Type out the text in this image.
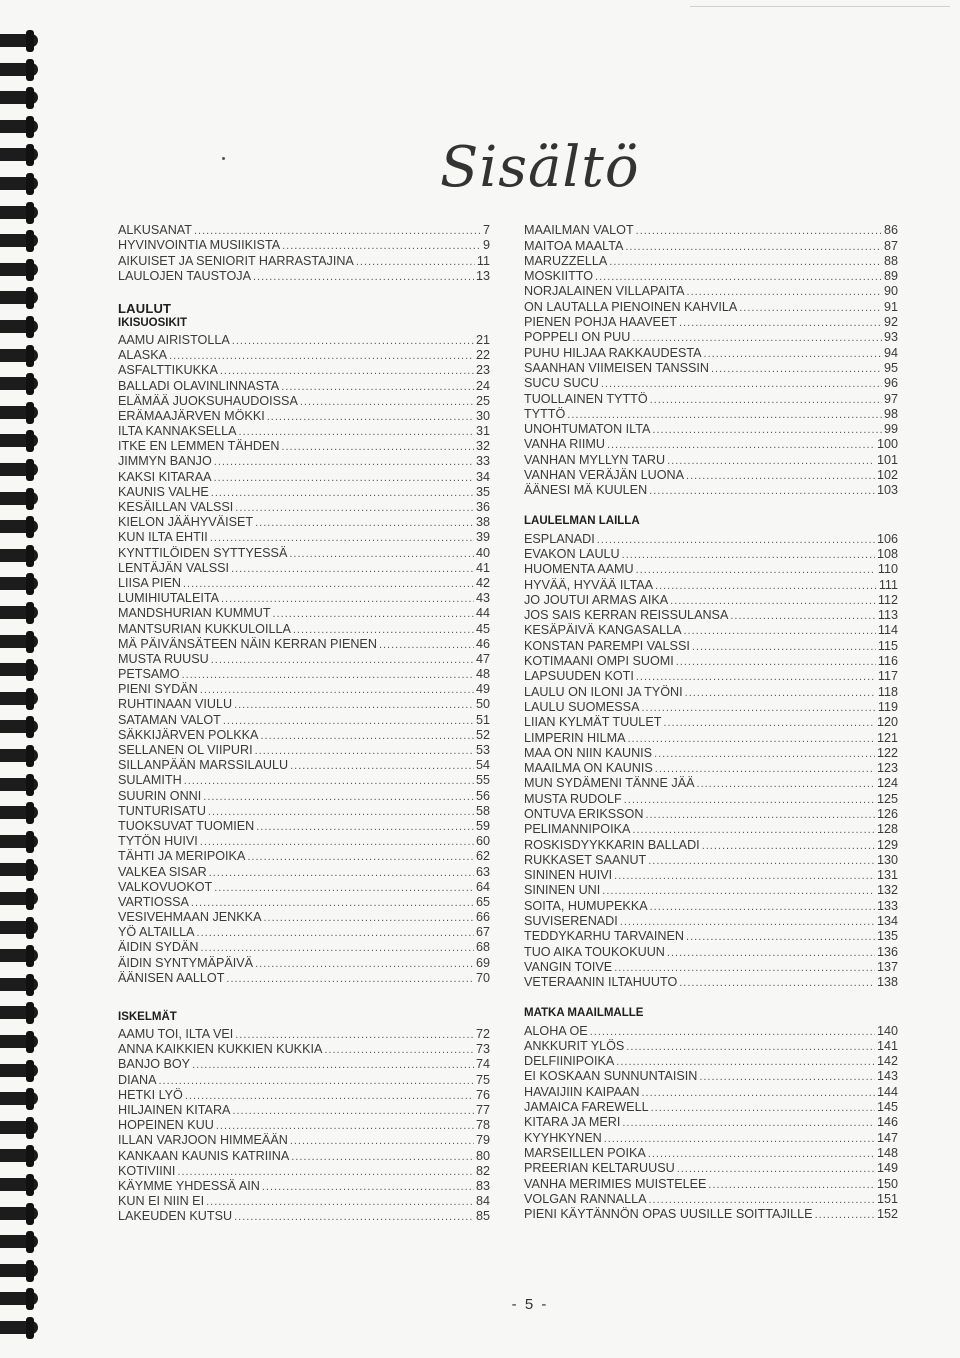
Sisältö
ALKUSANAT .....	7
HYVINVOINTIA MUSIIKISTA .....	9
AIKUISET JA SENIORIT HARRASTAJINA .....	11
LAULOJEN TAUSTOJA .....	13
LAULUT
IKISUOSIKIT
AAMU AIRISTOLLA .....	21
ALASKA .....	22
ASFALTTIKUKKA .....	23
BALLADI OLAVINLINNASTA .....	24
ELÄMÄÄ JUOKSUHAUDOISSA .....	25
ERÄMAAJÄRVEN MÖKKI .....	30
ILTA KANNAKSELLA .....	31
ITKE EN LEMMEN TÄHDEN .....	32
JIMMYN BANJO .....	33
KAKSI KITARAA .....	34
KAUNIS VALHE .....	35
KESÄILLAN VALSSI .....	36
KIELON JÄÄHYVÄISET .....	38
KUN ILTA EHTII .....	39
KYNTTILÖIDEN SYTTYESSÄ .....	40
LENTÄJÄN VALSSI .....	41
LIISA PIEN .....	42
LUMIHIUTALEITA .....	43
MANDSHURIAN KUMMUT .....	44
MANTSURIAN KUKKULOILLA .....	45
MÄ PÄIVÄNSÄTEEN NÄIN KERRAN PIENEN .....	46
MUSTA RUUSU .....	47
PETSAMO .....	48
PIENI SYDÄN .....	49
RUHTINAAN VIULU .....	50
SATAMAN VALOT .....	51
SÄKKIJÄRVEN POLKKA .....	52
SELLANEN OL VIIPURI .....	53
SILLANPÄÄN MARSSILAULU .....	54
SULAMITH .....	55
SUURIN ONNI .....	56
TUNTURISATU .....	58
TUOKSUVAT TUOMIEN .....	59
TYTÖN HUIVI .....	60
TÄHTI JA MERIPOIKA .....	62
VALKEA SISAR .....	63
VALKOVUOKOT .....	64
VARTIOSSA .....	65
VESIVEHMAAN JENKKA .....	66
YÖ ALTAILLA .....	67
ÄIDIN SYDÄN .....	68
ÄIDIN SYNTYMÄPÄIVÄ .....	69
ÄÄNISEN AALLOT .....	70
ISKELMÄT
AAMU TOI, ILTA VEI .....	72
ANNA KAIKKIEN KUKKIEN KUKKIA .....	73
BANJO BOY .....	74
DIANA .....	75
HETKI LYÖ .....	76
HILJAINEN KITARA .....	77
HOPEINEN KUU .....	78
ILLAN VARJOON HIMMEÄÄN .....	79
KANKAAN KAUNIS KATRIINA .....	80
KOTIVIINI .....	82
KÄYMME YHDESSÄ AIN .....	83
KUN EI NIIN EI .....	84
LAKEUDEN KUTSU .....	85
MAAILMAN VALOT .....	86
MAITOA MAALTA .....	87
MARUZZELLA .....	88
MOSKIITTO .....	89
NORJALAINEN VILLAPAITA .....	90
ON LAUTALLA PIENOINEN KAHVILA .....	91
PIENEN POHJA HAAVEET .....	92
POPPELI ON PUU .....	93
PUHU HILJAA RAKKAUDESTA .....	94
SAANHAN VIIMEISEN TANSSIN .....	95
SUCU SUCU .....	96
TUOLLAINEN TYTTÖ .....	97
TYTTÖ .....	98
UNOHTUMATON ILTA .....	99
VANHA RIIMU .....	100
VANHAN MYLLYN TARU .....	101
VANHAN VERÄJÄN LUONA .....	102
ÄÄNESI MÄ KUULEN .....	103
LAULELMAN LAILLA
ESPLANADI .....	106
EVAKON LAULU .....	108
HUOMENTA AAMU .....	110
HYVÄÄ, HYVÄÄ ILTAA .....	111
JO JOUTUI ARMAS AIKA .....	112
JOS SAIS KERRAN REISSULANSA .....	113
KESÄPÄIVÄ KANGASALLA .....	114
KONSTAN PAREMPI VALSSI .....	115
KOTIMAANI OMPI SUOMI .....	116
LAPSUUDEN KOTI .....	117
LAULU ON ILONI JA TYÖNI .....	118
LAULU SUOMESSA .....	119
LIIAN KYLMÄT TUULET .....	120
LIMPERIN HILMA .....	121
MAA ON NIIN KAUNIS .....	122
MAAILMA ON KAUNIS .....	123
MUN SYDÄMENI TÄNNE JÄÄ .....	124
MUSTA RUDOLF .....	125
ONTUVA ERIKSSON .....	126
PELIMANNIPOIKA .....	128
ROSKISDYYKKARIN BALLADI .....	129
RUKKASET SAANUT .....	130
SININEN HUIVI .....	131
SININEN UNI .....	132
SOITA, HUMUPEKKA .....	133
SUVISERENADI .....	134
TEDDYKARHU TARVAINEN .....	135
TUO AIKA TOUKOKUUN .....	136
VANGIN TOIVE .....	137
VETERAANIN ILTAHUUTO .....	138
MATKA MAAILMALLE
ALOHA OE .....	140
ANKKURIT YLÖS .....	141
DELFIINIPOIKA .....	142
EI KOSKAAN SUNNUNTAISIN .....	143
HAVAIJIIN KAIPAAN .....	144
JAMAICA FAREWELL .....	145
KITARA JA MERI .....	146
KYYHKYNEN .....	147
MARSEILLEN POIKA .....	148
PREERIAN KELTARUUSU .....	149
VANHA MERIMIES MUISTELEE .....	150
VOLGAN RANNALLA .....	151
PIENI KÄYTÄNNÖN OPAS UUSILLE SOITTAJILLE .....	152
- 5 -
